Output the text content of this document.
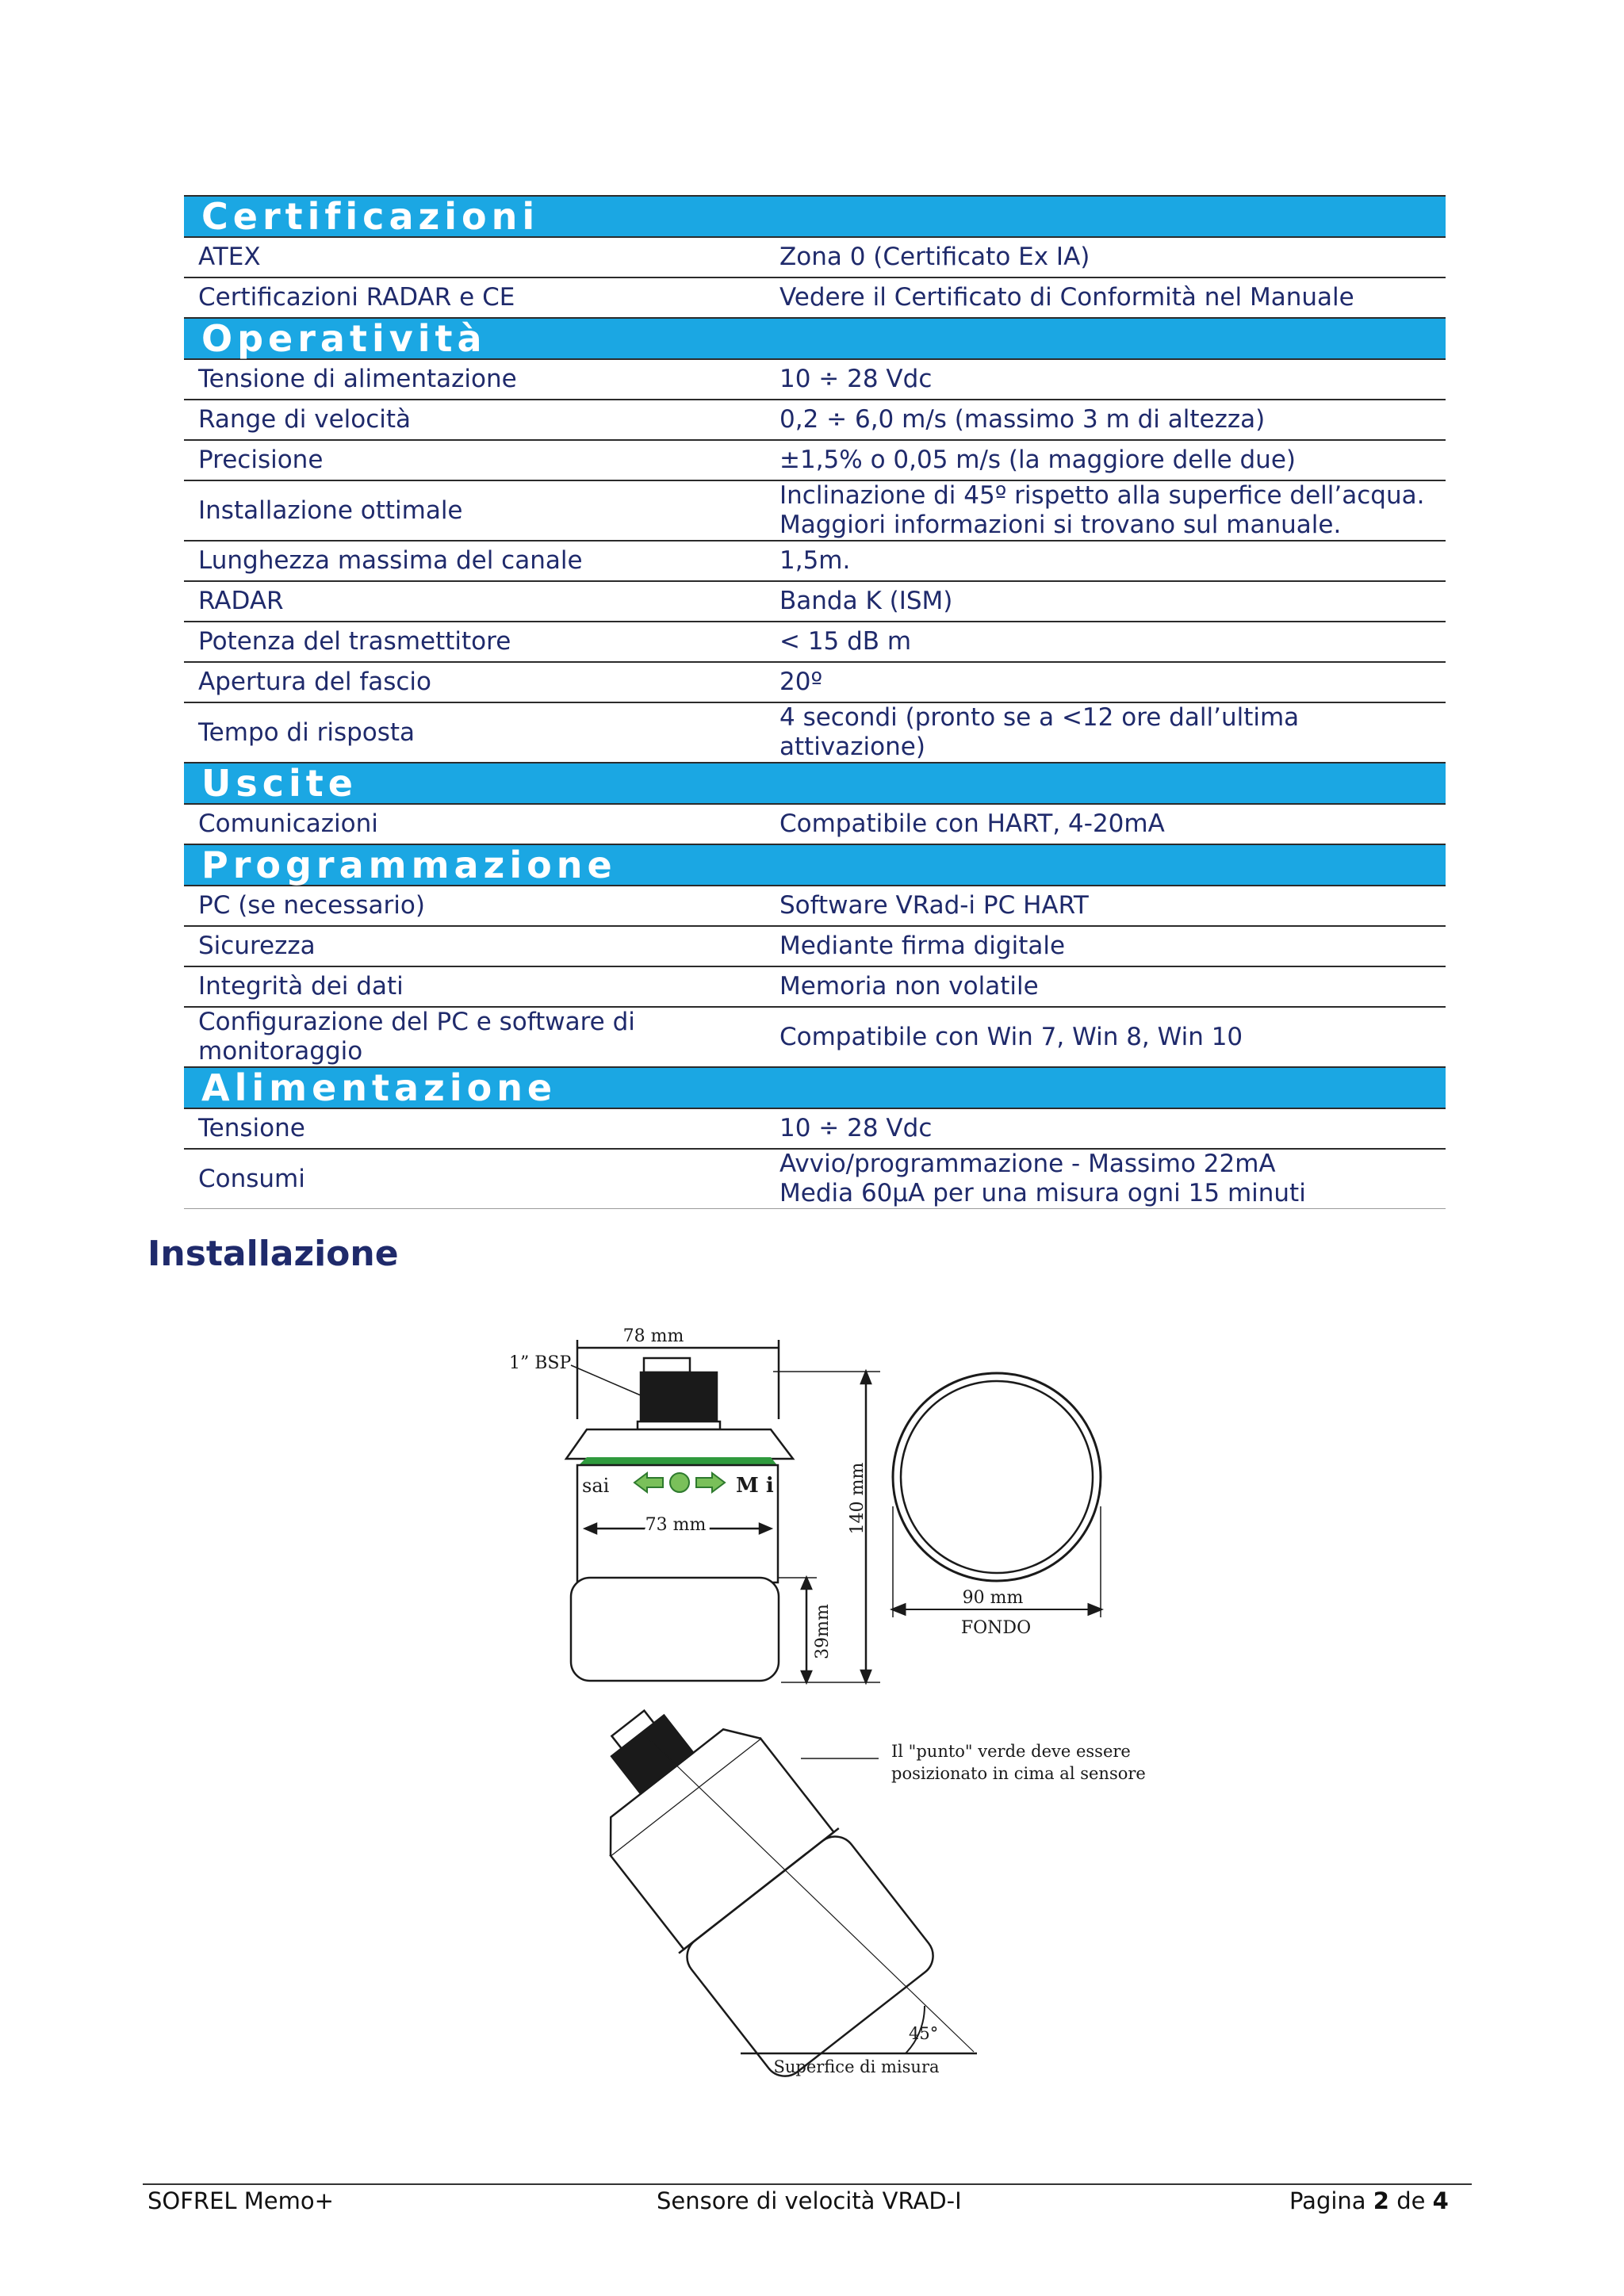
Certificazioni	

ATEX	Zona 0 (Certificato Ex IA)

Certificazioni RADAR e CE	Vedere il Certificato di Conformità nel Manuale

Operatività	

Tensione di alimentazione	10 ÷ 28 Vdc

Range di velocità	0,2 ÷ 6,0 m/s (massimo 3 m di altezza)

Precisione	±1,5% o 0,05 m/s (la maggiore delle due)

Installazione ottimale	Inclinazione di 45º rispetto alla superfice dell’acqua.
Maggiori informazioni si trovano sul manuale.

Lunghezza massima del canale	1,5m.

RADAR	Banda K (ISM)

Potenza del trasmettitore	< 15 dB m

Apertura del fascio	20º

Tempo di risposta	4 secondi (pronto se a <12 ore dall’ultima
attivazione)

Uscite	

Comunicazioni	Compatibile con HART, 4-20mA

Programmazione	

PC (se necessario)	Software VRad-i PC HART

Sicurezza	Mediante firma digitale

Integrità dei dati	Memoria non volatile

Configurazione del PC e software di
monitoraggio	Compatibile con Win 7, Win 8, Win 10

Alimentazione	

Tensione	10 ÷ 28 Vdc

Consumi	Avvio/programmazione - Massimo 22mA
Media 60µA per una misura ogni 15 minuti
Installazione
78 mm
1” BSP
73 mm
sai	M i	140 mm
39mm
90 mm
FONDO
Il "punto" verde deve essere
posizionato in cima al sensore
45°
Superfice di misura
SOFREL Memo+	Sensore di velocità VRAD-I	Pagina 2 de 4
